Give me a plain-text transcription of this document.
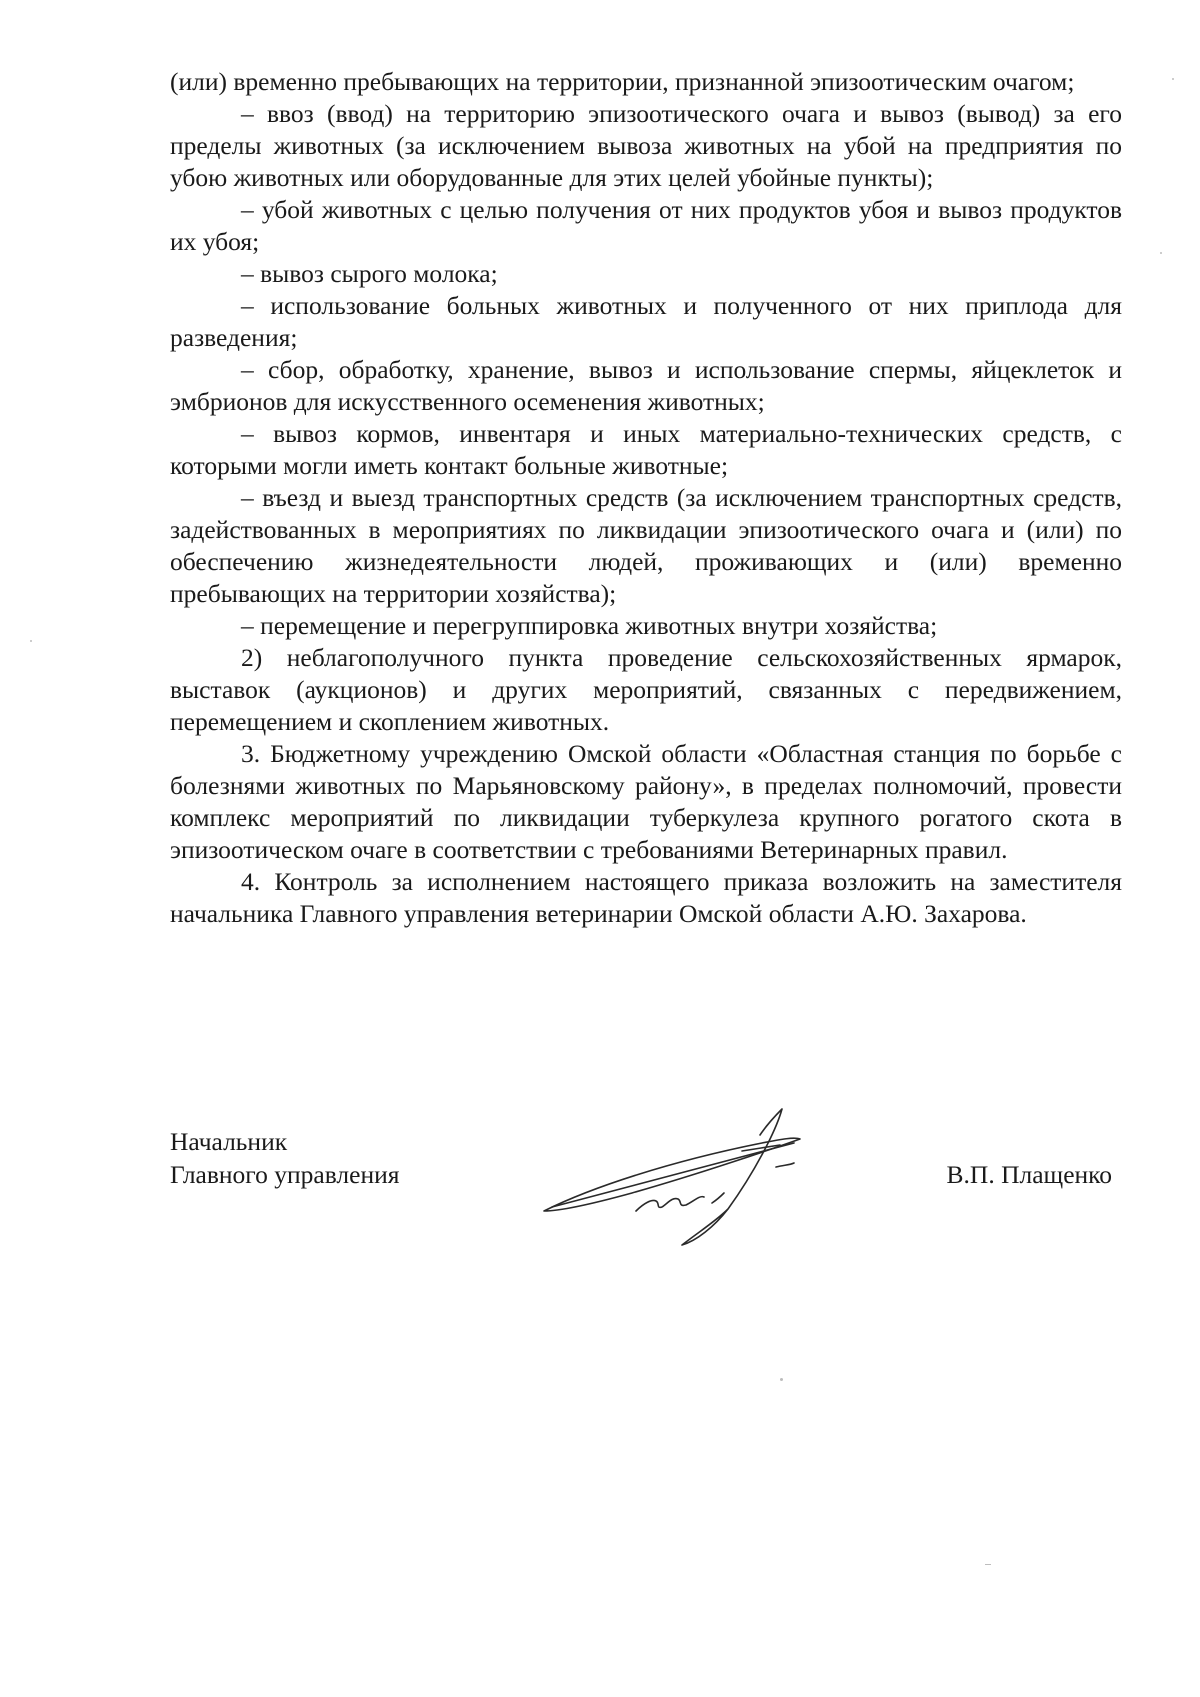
(или) временно пребывающих на территории, признанной эпизоотическим очагом;

– ввоз (ввод) на территорию эпизоотического очага и вывоз (вывод) за его пределы животных (за исключением вывоза животных на убой на предприятия по убою животных или оборудованные для этих целей убойные пункты);

– убой животных с целью получения от них продуктов убоя и вывоз продуктов их убоя;

– вывоз сырого молока;

– использование больных животных и полученного от них приплода для разведения;

– сбор, обработку, хранение, вывоз и использование спермы, яйцеклеток и эмбрионов для искусственного осеменения животных;

– вывоз кормов, инвентаря и иных материально-технических средств, с которыми могли иметь контакт больные животные;

– въезд и выезд транспортных средств (за исключением транспортных средств, задействованных в мероприятиях по ликвидации эпизоотического очага и (или) по обеспечению жизнедеятельности людей, проживающих и (или) временно пребывающих на территории хозяйства);

– перемещение и перегруппировка животных внутри хозяйства;

2) неблагополучного пункта проведение сельскохозяйственных ярмарок, выставок (аукционов) и других мероприятий, связанных с передвижением, перемещением и скоплением животных.

3. Бюджетному учреждению Омской области «Областная станция по борьбе с болезнями животных по Марьяновскому району», в пределах полномочий, провести комплекс мероприятий по ликвидации туберкулеза крупного рогатого скота в эпизоотическом очаге в соответствии с требованиями Ветеринарных правил.

4. Контроль за исполнением настоящего приказа возложить на заместителя начальника Главного управления ветеринарии Омской области А.Ю. Захарова.

Начальник
Главного управления	В.П. Плащенко
